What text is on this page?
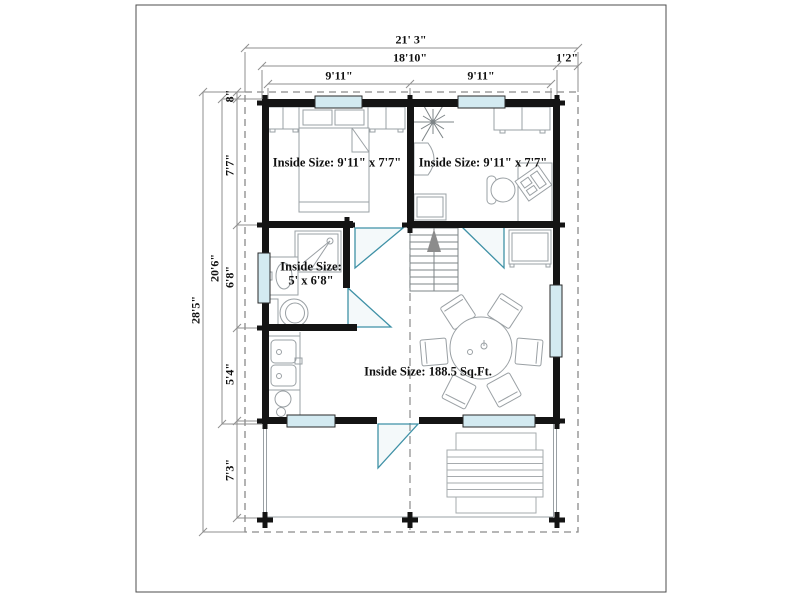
21' 3"
18'10"	1'2"
9'11"	9'11"
28'5"
20'6"
8"
7'7"
6'8"
5'4"
7'3"
Inside Size: 9'11" x 7'7" Inside Size: 9'11" x 7'7"
Inside Size:
5' x 6'8"
Inside Size: 188.5 Sq.Ft.
